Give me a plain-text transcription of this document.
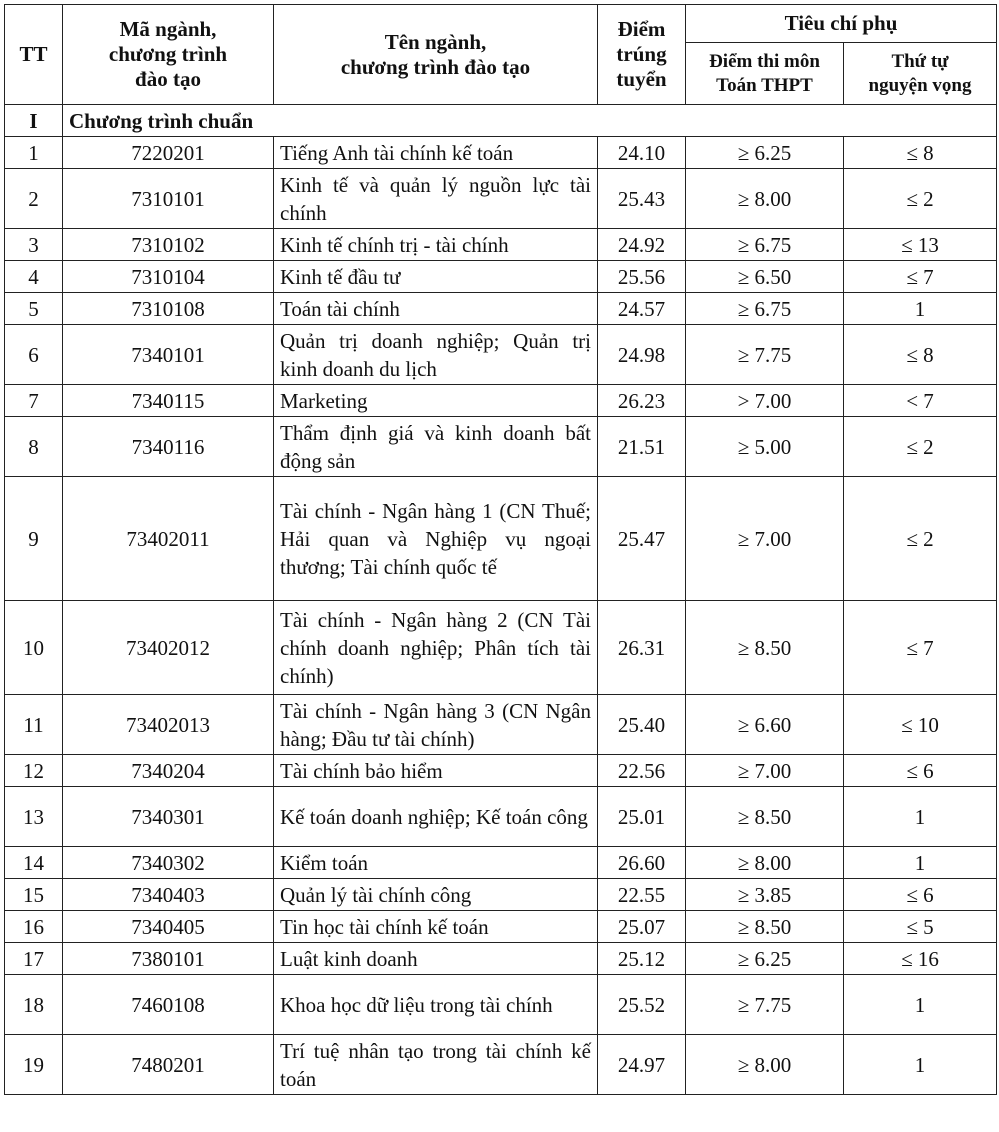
TT	Mã ngành,
chương trình
đào tạo	Tên ngành,
chương trình đào tạo	Điểm
trúng
tuyển	Tiêu chí phụ	
				Điểm thi môn
Toán THPT	Thứ tự
nguyện vọng
I	Chương trình chuẩn				
1	7220201	Tiếng Anh tài chính kế toán	24.10	≥ 6.25	≤ 8
2	7310101	Kinh tế và quản lý nguồn lực tài chính	25.43	≥ 8.00	≤ 2
3	7310102	Kinh tế chính trị - tài chính	24.92	≥ 6.75	≤ 13
4	7310104	Kinh tế đầu tư	25.56	≥ 6.50	≤ 7
5	7310108	Toán tài chính	24.57	≥ 6.75	1
6	7340101	Quản trị doanh nghiệp; Quản trị kinh doanh du lịch	24.98	≥ 7.75	≤ 8
7	7340115	Marketing	26.23	> 7.00	< 7
8	7340116	Thẩm định giá và kinh doanh bất động sản	21.51	≥ 5.00	≤ 2
9	73402011	Tài chính - Ngân hàng 1 (CN Thuế; Hải quan và Nghiệp vụ ngoại thương; Tài chính quốc tế	25.47	≥ 7.00	≤ 2
10	73402012	Tài chính - Ngân hàng 2 (CN Tài chính doanh nghiệp; Phân tích tài chính)	26.31	≥ 8.50	≤ 7
11	73402013	Tài chính - Ngân hàng 3 (CN Ngân hàng; Đầu tư tài chính)	25.40	≥ 6.60	≤ 10
12	7340204	Tài chính bảo hiểm	22.56	≥ 7.00	≤ 6
13	7340301	Kế toán doanh nghiệp; Kế toán công	25.01	≥ 8.50	1
14	7340302	Kiểm toán	26.60	≥ 8.00	1
15	7340403	Quản lý tài chính công	22.55	≥ 3.85	≤ 6
16	7340405	Tin học tài chính kế toán	25.07	≥ 8.50	≤ 5
17	7380101	Luật kinh doanh	25.12	≥ 6.25	≤ 16
18	7460108	Khoa học dữ liệu trong tài chính	25.52	≥ 7.75	1
19	7480201	Trí tuệ nhân tạo trong tài chính kế toán	24.97	≥ 8.00	1
